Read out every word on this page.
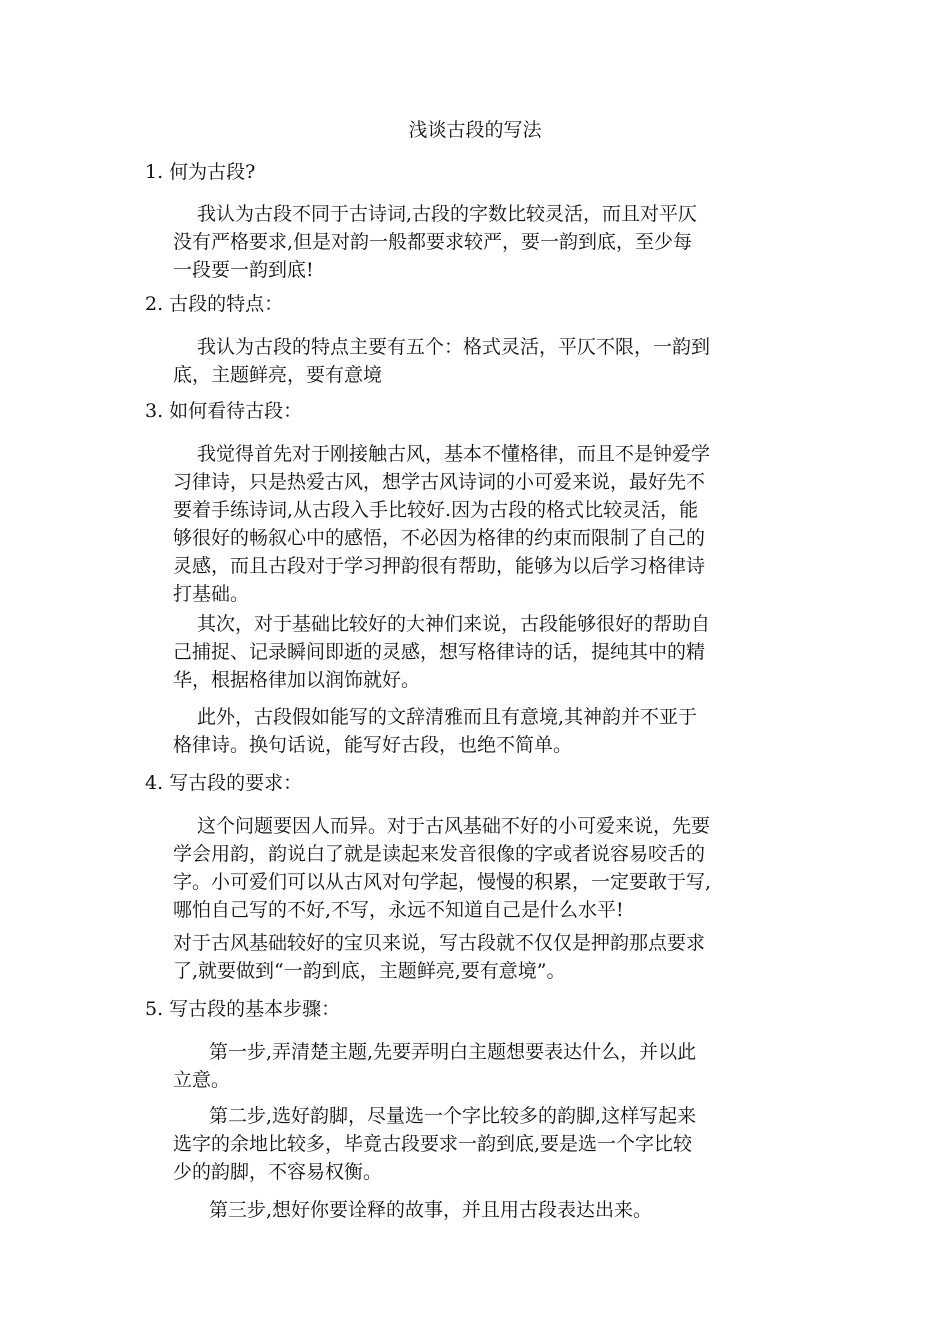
浅谈古段的写法
1. 何为古段?
我认为古段不同于古诗词,古段的字数比较灵活，而且对平仄
没有严格要求,但是对韵一般都要求较严，要一韵到底，至少每
一段要一韵到底!
2. 古段的特点：
我认为古段的特点主要有五个：格式灵活，平仄不限，一韵到
底，主题鲜亮，要有意境
3. 如何看待古段：
我觉得首先对于刚接触古风，基本不懂格律，而且不是钟爱学
习律诗，只是热爱古风，想学古风诗词的小可爱来说，最好先不
要着手练诗词,从古段入手比较好.因为古段的格式比较灵活，能
够很好的畅叙心中的感悟，不必因为格律的约束而限制了自己的
灵感，而且古段对于学习押韵很有帮助，能够为以后学习格律诗
打基础。
其次，对于基础比较好的大神们来说，古段能够很好的帮助自
己捕捉、记录瞬间即逝的灵感，想写格律诗的话，提纯其中的精
华，根据格律加以润饰就好。
此外，古段假如能写的文辞清雅而且有意境,其神韵并不亚于
格律诗。换句话说，能写好古段，也绝不简单。
4. 写古段的要求：
这个问题要因人而异。对于古风基础不好的小可爱来说，先要
学会用韵，韵说白了就是读起来发音很像的字或者说容易咬舌的
字。小可爱们可以从古风对句学起，慢慢的积累，一定要敢于写,
哪怕自己写的不好,不写，永远不知道自己是什么水平!
对于古风基础较好的宝贝来说，写古段就不仅仅是押韵那点要求
了,就要做到“一韵到底，主题鲜亮,要有意境”。
5. 写古段的基本步骤：
第一步,弄清楚主题,先要弄明白主题想要表达什么，并以此
立意。
第二步,选好韵脚，尽量选一个字比较多的韵脚,这样写起来
选字的余地比较多，毕竟古段要求一韵到底,要是选一个字比较
少的韵脚，不容易权衡。
第三步,想好你要诠释的故事，并且用古段表达出来。
